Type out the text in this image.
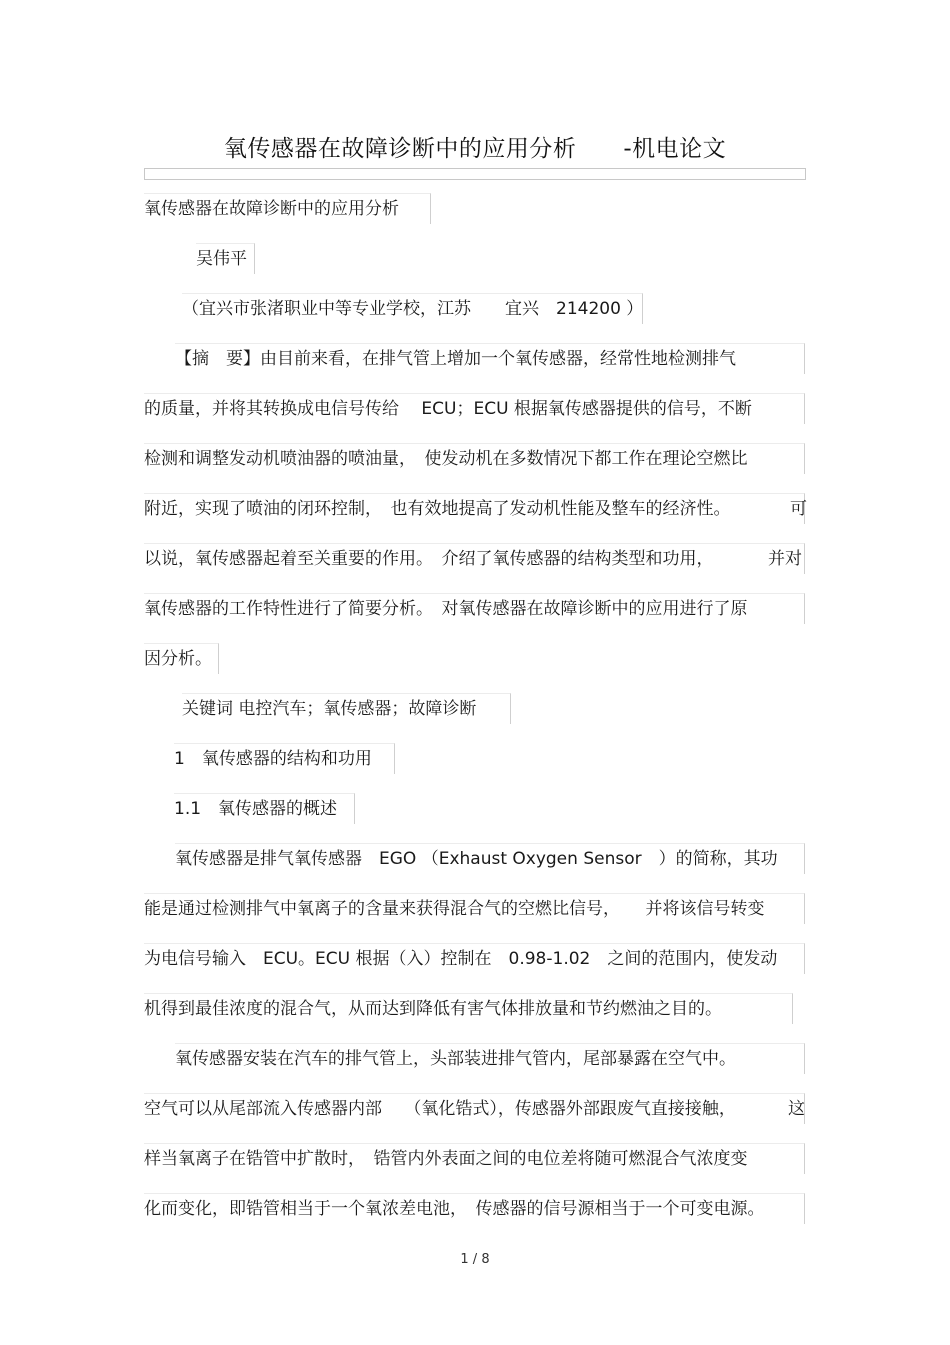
氧传感器在故障诊断中的应用分析　　-机电论文
氧传感器在故障诊断中的应用分析
吴伟平
（宜兴市张渚职业中等专业学校，江苏　　宜兴　214200 ）
【摘　要】由目前来看，在排气管上增加一个氧传感器，经常性地检测排气
的质量，并将其转换成电信号传给　 ECU；ECU 根据氧传感器提供的信号，不断
检测和调整发动机喷油器的喷油量，　使发动机在多数情况下都工作在理论空燃比
附近，实现了喷油的闭环控制，　也有效地提高了发动机性能及整车的经济性。	可
以说，氧传感器起着至关重要的作用。　介绍了氧传感器的结构类型和功用，	并对
氧传感器的工作特性进行了简要分析。　对氧传感器在故障诊断中的应用进行了原
因分析。
关键词 电控汽车；氧传感器；故障诊断
1　氧传感器的结构和功用
1.1　氧传感器的概述
氧传感器是排气氧传感器　EGO （Exhaust Oxygen Sensor　）的简称，其功
能是通过检测排气中氧离子的含量来获得混合气的空燃比信号，　　并将该信号转变
为电信号输入　ECU。ECU 根据（入）控制在　0.98-1.02　之间的范围内，使发动
机得到最佳浓度的混合气，从而达到降低有害气体排放量和节约燃油之目的。
氧传感器安装在汽车的排气管上，头部装进排气管内，尾部暴露在空气中。
空气可以从尾部流入传感器内部　 （氧化锆式），传感器外部跟废气直接接触，	这
样当氧离子在锆管中扩散时，　锆管内外表面之间的电位差将随可燃混合气浓度变
化而变化，即锆管相当于一个氧浓差电池，　传感器的信号源相当于一个可变电源。
1 / 8
